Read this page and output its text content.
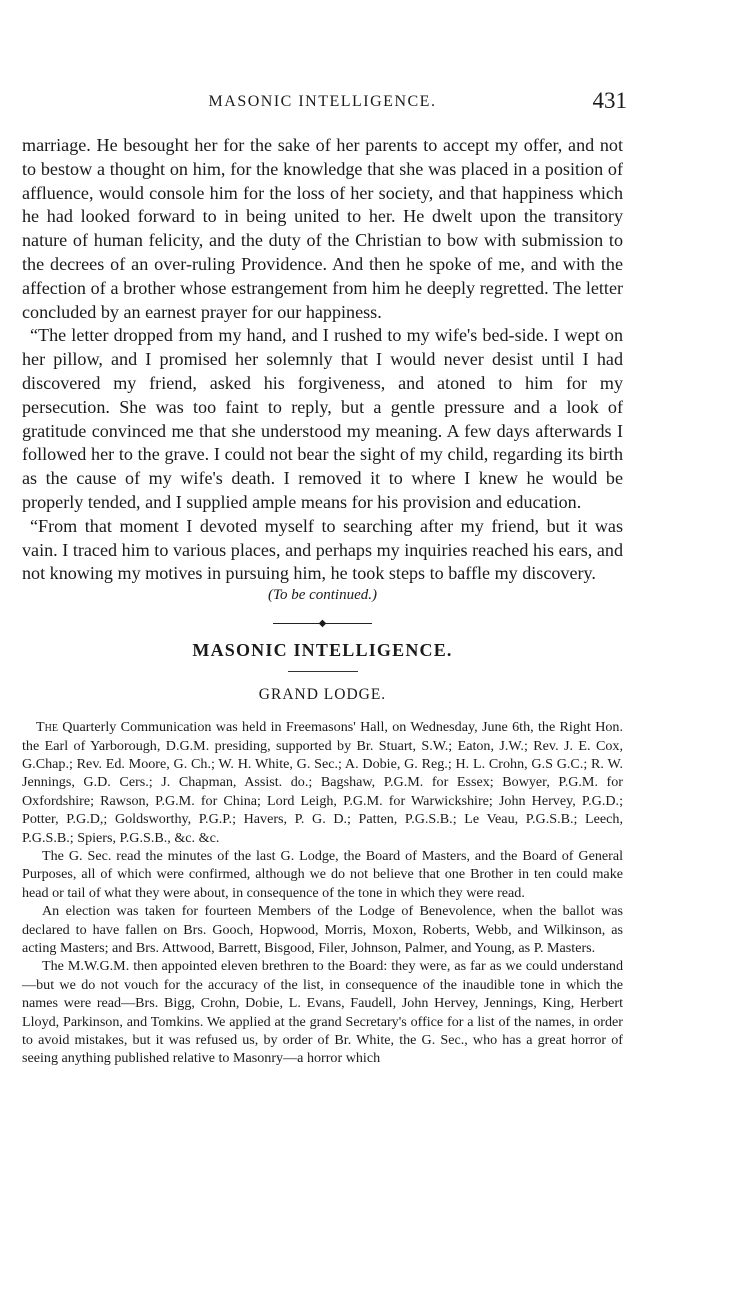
MASONIC INTELLIGENCE.	431

marriage. He besought her for the sake of her parents to accept my offer, and not to bestow a thought on him, for the knowledge that she was placed in a position of affluence, would console him for the loss of her society, and that happiness which he had looked forward to in being united to her. He dwelt upon the transitory nature of human felicity, and the duty of the Christian to bow with submission to the decrees of an over-ruling Providence. And then he spoke of me, and with the affection of a brother whose estrangement from him he deeply regretted. The letter concluded by an earnest prayer for our happiness.

“The letter dropped from my hand, and I rushed to my wife's bed-side. I wept on her pillow, and I promised her solemnly that I would never desist until I had discovered my friend, asked his forgiveness, and atoned to him for my persecution. She was too faint to reply, but a gentle pressure and a look of gratitude convinced me that she understood my meaning. A few days afterwards I followed her to the grave. I could not bear the sight of my child, regarding its birth as the cause of my wife's death. I removed it to where I knew he would be properly tended, and I supplied ample means for his provision and education.

“From that moment I devoted myself to searching after my friend, but it was vain. I traced him to various places, and perhaps my inquiries reached his ears, and not knowing my motives in pursuing him, he took steps to baffle my discovery.

(To be continued.)
◆
MASONIC INTELLIGENCE.
GRAND LODGE.

The Quarterly Communication was held in Freemasons' Hall, on Wednesday, June 6th, the Right Hon. the Earl of Yarborough, D.G.M. presiding, supported by Br. Stuart, S.W.; Eaton, J.W.; Rev. J. E. Cox, G.Chap.; Rev. Ed. Moore, G. Ch.; W. H. White, G. Sec.; A. Dobie, G. Reg.; H. L. Crohn, G.S G.C.; R. W. Jennings, G.D. Cers.; J. Chapman, Assist. do.; Bagshaw, P.G.M. for Essex; Bowyer, P.G.M. for Oxfordshire; Rawson, P.G.M. for China; Lord Leigh, P.G.M. for Warwickshire; John Hervey, P.G.D.; Potter, P.G.D,; Goldsworthy, P.G.P.; Havers, P. G. D.; Patten, P.G.S.B.; Le Veau, P.G.S.B.; Leech, P.G.S.B.; Spiers, P.G.S.B., &c. &c.

The G. Sec. read the minutes of the last G. Lodge, the Board of Masters, and the Board of General Purposes, all of which were confirmed, although we do not believe that one Brother in ten could make head or tail of what they were about, in consequence of the tone in which they were read.

An election was taken for fourteen Members of the Lodge of Benevolence, when the ballot was declared to have fallen on Brs. Gooch, Hopwood, Morris, Moxon, Roberts, Webb, and Wilkinson, as acting Masters; and Brs. Attwood, Barrett, Bisgood, Filer, Johnson, Palmer, and Young, as P. Masters.

The M.W.G.M. then appointed eleven brethren to the Board: they were, as far as we could understand—but we do not vouch for the accuracy of the list, in consequence of the inaudible tone in which the names were read—Brs. Bigg, Crohn, Dobie, L. Evans, Faudell, John Hervey, Jennings, King, Herbert Lloyd, Parkinson, and Tomkins. We applied at the grand Secretary's office for a list of the names, in order to avoid mistakes, but it was refused us, by order of Br. White, the G. Sec., who has a great horror of seeing anything published relative to Masonry—a horror which
